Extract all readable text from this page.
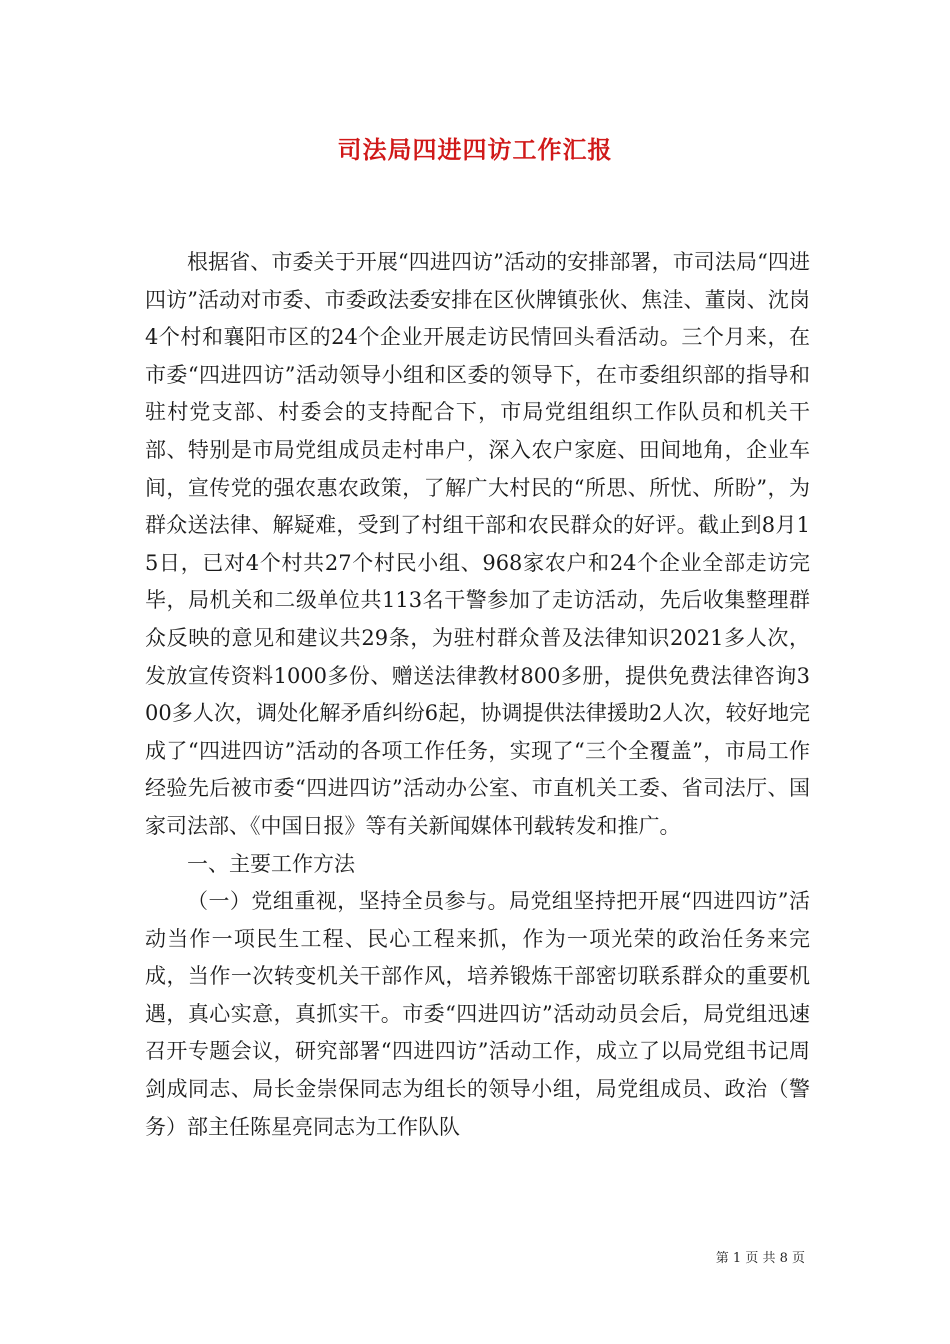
司法局四进四访工作汇报

根据省、市委关于开展“四进四访”活动的安排部署，市司法局“四进四访”活动对市委、市委政法委安排在区伙牌镇张伙、焦洼、董岗、沈岗4个村和襄阳市区的24个企业开展走访民情回头看活动。三个月来，在市委“四进四访”活动领导小组和区委的领导下，在市委组织部的指导和驻村党支部、村委会的支持配合下，市局党组组织工作队员和机关干部、特别是市局党组成员走村串户，深入农户家庭、田间地角，企业车间，宣传党的强农惠农政策，了解广大村民的“所思、所忧、所盼”，为群众送法律、解疑难，受到了村组干部和农民群众的好评。截止到8月15日，已对4个村共27个村民小组、968家农户和24个企业全部走访完毕，局机关和二级单位共113名干警参加了走访活动，先后收集整理群众反映的意见和建议共29条，为驻村群众普及法律知识2021多人次，发放宣传资料1000多份、赠送法律教材800多册，提供免费法律咨询300多人次，调处化解矛盾纠纷6起，协调提供法律援助2人次，较好地完成了“四进四访”活动的各项工作任务，实现了“三个全覆盖”，市局工作经验先后被市委“四进四访”活动办公室、市直机关工委、省司法厅、国家司法部、《中国日报》等有关新闻媒体刊载转发和推广。

一、主要工作方法

（一）党组重视，坚持全员参与。局党组坚持把开展“四进四访”活动当作一项民生工程、民心工程来抓，作为一项光荣的政治任务来完成，当作一次转变机关干部作风，培养锻炼干部密切联系群众的重要机遇，真心实意，真抓实干。市委“四进四访”活动动员会后，局党组迅速召开专题会议，研究部署“四进四访”活动工作，成立了以局党组书记周剑成同志、局长金崇保同志为组长的领导小组，局党组成员、政治（警务）部主任陈星亮同志为工作队队

第 1 页 共 8 页
